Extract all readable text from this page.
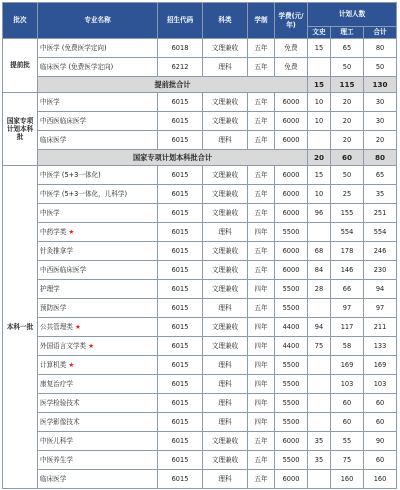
批次	专业名称	招生代码	科类	学制	学费(元/年)	计划人数		
						文史	理工	合计
提前批	中医学 (免费医学定向)	6018	文理兼收	五年	免费	15	65	80
	临床医学 (免费医学定向)	6212	理科	五年	免费		50	50
	提前批合计					15	115	130
国家专项计划本科批	中医学	6015	文理兼收	五年	6000	10	20	30
	中西医临床医学	6015	文理兼收	五年	6000	10	20	30
	临床医学	6015	理科	五年	6000		20	20
	国家专项计划本科批合计					20	60	80
本科一批	中医学 (5+3一体化)	6015	文理兼收	五年	6000	15	50	65
	中医学 (5+3一体化，儿科学)	6015	文理兼收	五年	6000	10	25	35
	中医学	6015	文理兼收	五年	6000	96	155	251
	中药学类 ★	6015	理科	四年	5500		554	554
	针灸推拿学	6015	文理兼收	五年	6000	68	178	246
	中西医临床医学	6015	文理兼收	五年	6000	84	146	230
	护理学	6015	文理兼收	四年	5500	28	66	94
	预防医学	6015	理科	五年	5500		97	97
	公共管理类 ★	6015	文理兼收	四年	4400	94	117	211
	外国语言文学类 ★	6015	文理兼收	四年	4400	75	58	133
	计算机类 ★	6015	理科	四年	5500		169	169
	康复治疗学	6015	理科	四年	5500		103	103
	医学检验技术	6015	理科	四年	5500		60	60
	医学影像技术	6015	理科	四年	5500		60	60
	中医儿科学	6015	文理兼收	五年	6000	35	55	90
	中医养生学	6015	文理兼收	五年	5500	35	75	60
	临床医学	6015	理科	五年	6000		160	160
